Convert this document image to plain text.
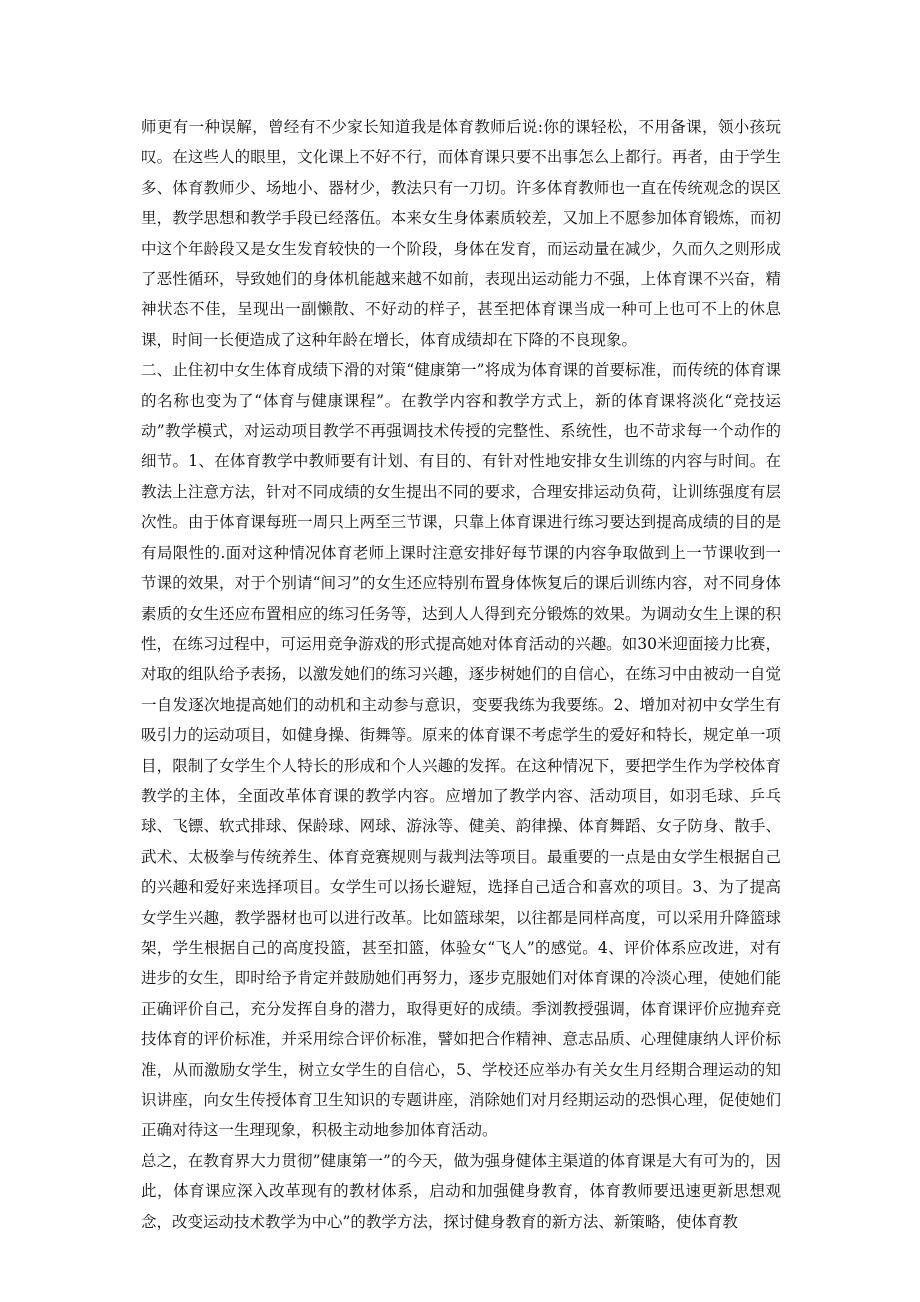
师更有一种误解，曾经有不少家长知道我是体育教师后说:你的课轻松，不用备课，领小孩玩叹。在这些人的眼里，文化课上不好不行，而体育课只要不出事怎么上都行。再者，由于学生多、体育教师少、场地小、器材少，教法只有一刀切。许多体育教师也一直在传统观念的误区里，教学思想和教学手段已经落伍。本来女生身体素质较差，又加上不愿参加体育锻炼，而初中这个年龄段又是女生发育较快的一个阶段，身体在发育，而运动量在减少，久而久之则形成了恶性循环，导致她们的身体机能越来越不如前，表现出运动能力不强，上体育课不兴奋，精神状态不佳，呈现出一副懒散、不好动的样子，甚至把体育课当成一种可上也可不上的休息课，时间一长便造成了这种年龄在增长，体育成绩却在下降的不良现象。

二、止住初中女生体育成绩下滑的对策“健康第一”将成为体育课的首要标准，而传统的体育课的名称也变为了“体育与健康课程”。在教学内容和教学方式上，新的体育课将淡化“竞技运动”教学模式，对运动项目教学不再强调技术传授的完整性、系统性，也不苛求每一个动作的细节。1、在体育教学中教师要有计划、有目的、有针对性地安排女生训练的内容与时间。在教法上注意方法，针对不同成绩的女生提出不同的要求，合理安排运动负荷，让训练强度有层次性。由于体育课每班一周只上两至三节课，只靠上体育课进行练习要达到提高成绩的目的是有局限性的.面对这种情况体育老师上课时注意安排好每节课的内容争取做到上一节课收到一节课的效果，对于个别请“间习”的女生还应特别布置身体恢复后的课后训练内容，对不同身体素质的女生还应布置相应的练习任务等，达到人人得到充分锻炼的效果。为调动女生上课的积性，在练习过程中，可运用竞争游戏的形式提高她对体育活动的兴趣。如30米迎面接力比赛，对取的组队给予表扬，以激发她们的练习兴趣，逐步树她们的自信心，在练习中由被动一自觉一自发逐次地提高她们的动机和主动参与意识，变要我练为我要练。2、增加对初中女学生有吸引力的运动项目，如健身操、街舞等。原来的体育课不考虑学生的爱好和特长，规定单一项目，限制了女学生个人特长的形成和个人兴趣的发挥。在这种情况下，要把学生作为学校体育教学的主体，全面改革体育课的教学内容。应增加了教学内容、活动项目，如羽毛球、乒乓球、飞镖、软式排球、保龄球、网球、游泳等、健美、韵律操、体育舞蹈、女子防身、散手、武术、太极拳与传统养生、体育竞赛规则与裁判法等项目。最重要的一点是由女学生根据自己的兴趣和爱好来选择项目。女学生可以扬长避短，选择自己适合和喜欢的项目。3、为了提高女学生兴趣，教学器材也可以进行改革。比如篮球架，以往都是同样高度，可以采用升降篮球架，学生根据自己的高度投篮，甚至扣篮，体验女“飞人”的感觉。4、评价体系应改进，对有进步的女生，即时给予肯定并鼓励她们再努力，逐步克服她们对体育课的冷淡心理，使她们能正确评价自己，充分发挥自身的潜力，取得更好的成绩。季浏教授强调，体育课评价应抛弃竞技体育的评价标准，并采用综合评价标准，譬如把合作精神、意志品质、心理健康纳人评价标准，从而激励女学生，树立女学生的自信心，5、学校还应举办有关女生月经期合理运动的知识讲座，向女生传授体育卫生知识的专题讲座，消除她们对月经期运动的恐惧心理，促使她们正确对待这一生理现象，积极主动地参加体育活动。

总之，在教育界大力贯彻”健康第一”的今天，做为强身健体主渠道的体育课是大有可为的，因此，体育课应深入改革现有的教材体系，启动和加强健身教育，体育教师要迅速更新思想观念，改变运动技术教学为中心”的教学方法，探讨健身教育的新方法、新策略，使体育教
